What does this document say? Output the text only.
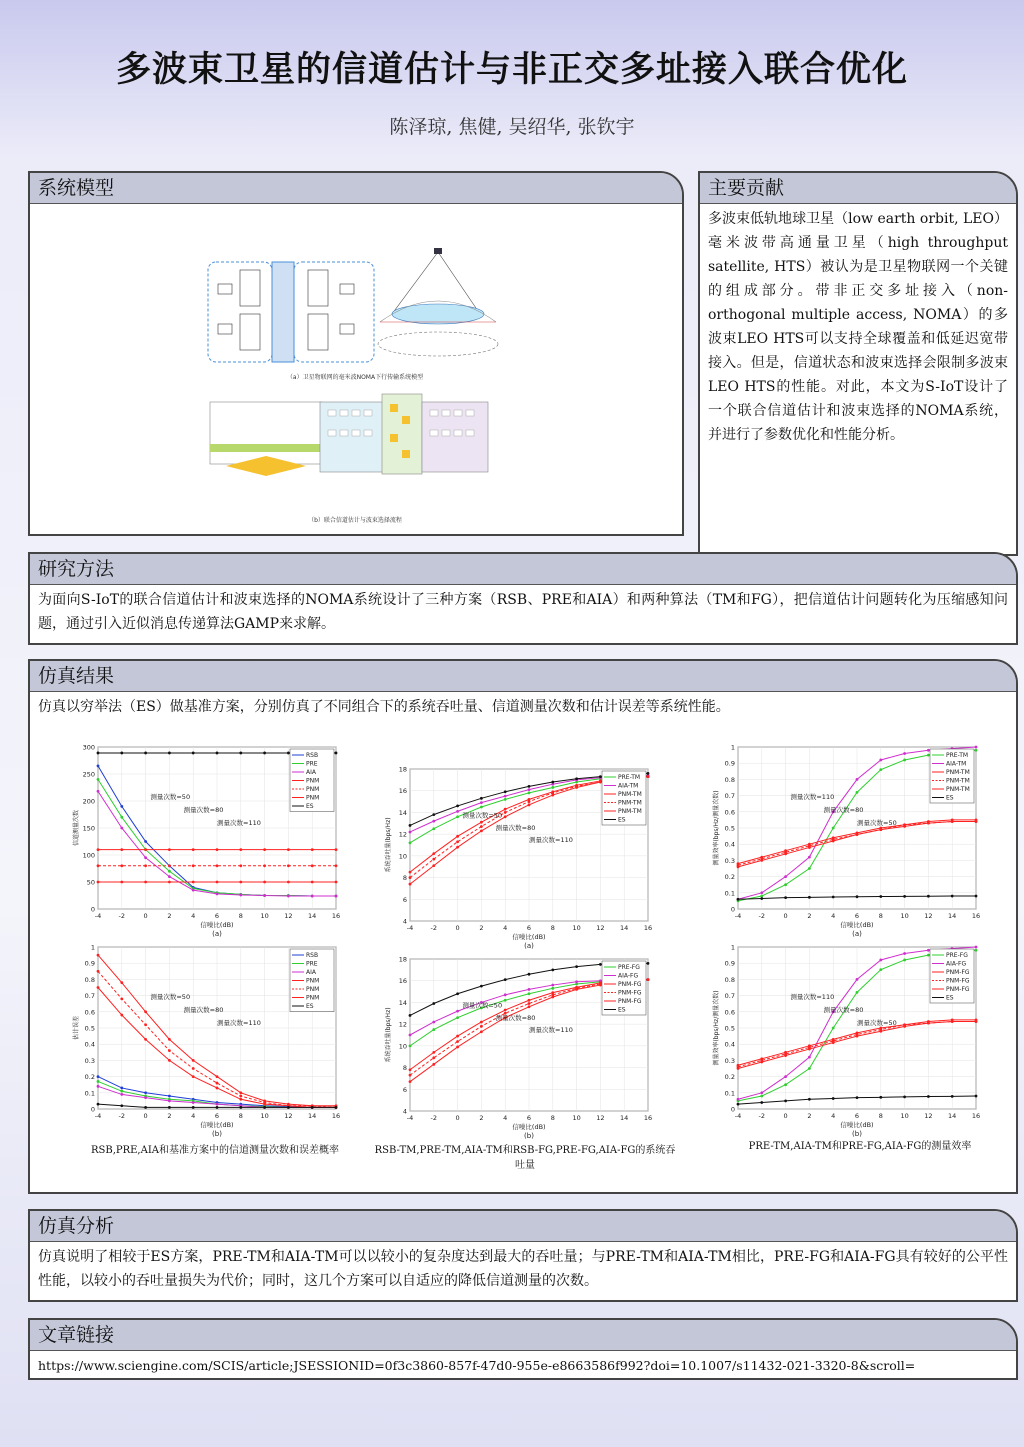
多波束卫星的信道估计与非正交多址接入联合优化
陈泽琼, 焦健, 吴绍华, 张钦宇
系统模型
（a）卫星物联网的毫米波NOMA下行传输系统模型
（b）联合信道估计与波束选择流程
主要贡献
多波束低轨地球卫星（low earth orbit, LEO）毫米波带高通量卫星（high throughput satellite, HTS）被认为是卫星物联网一个关键的组成部分。带非正交多址接入（non-orthogonal multiple access, NOMA）的多波束LEO HTS可以支持全球覆盖和低延迟宽带接入。但是，信道状态和波束选择会限制多波束LEO HTS的性能。对此，本文为S-IoT设计了一个联合信道估计和波束选择的NOMA系统，并进行了参数优化和性能分析。
研究方法
为面向S-IoT的联合信道估计和波束选择的NOMA系统设计了三种方案（RSB、PRE和AIA）和两种算法（TM和FG），把信道估计问题转化为压缩感知问题，通过引入近似消息传递算法GAMP来求解。
仿真结果
仿真以穷举法（ES）做基准方案，分别仿真了不同组合下的系统吞吐量、信道测量次数和估计误差等系统性能。
0
50
100
150
200
250
300
-4	-2	0	2	4	6	8	10 12 14 16
信噪比(dB)
(a)
信道测量次数
RSB
PRE
AIA
PNM
PNM
PNM
ES
测量次数=50
测量次数=80
测量次数=110
0
0.1
0.2
0.3
0.4
0.5
0.6
0.7
0.8
0.9
1
-4	-2	0	2	4	6	8	10 12 14 16
信噪比(dB)
(b)
估计误差
RSB
PRE
AIA
PNM
PNM
PNM
ES
测量次数=50
测量次数=80
测量次数=110
4
6
8
10
12
14
16
18
-4	-2	0	2	4	6	8	10 12 14 16
信噪比(dB)
(a)
系统吞吐量(bps/Hz)
PRE-TM
AIA-TM
PNM-TM
PNM-TM
PNM-TM
ES
测量次数=50
测量次数=80
测量次数=110
4
6
8
10
12
14
16
18
-4	-2	0	2	4	6	8	10 12 14 16
信噪比(dB)
(b)
系统吞吐量(bps/Hz)
PRE-FG
AIA-FG
PNM-FG
PNM-FG
PNM-FG
ES
测量次数=50
测量次数=80
测量次数=110
0
0.1
0.2
0.3
0.4
0.5
0.6
0.7
0.8
0.9
1
-4	-2	0	2	4	6	8	10 12 14 16
信噪比(dB)
(a)
测量效率(bps/Hz/测量次数)
PRE-TM
AIA-TM
PNM-TM
PNM-TM
PNM-TM
ES
测量次数=110
测量次数=80
测量次数=50
0
0.1
0.2
0.3
0.4
0.5
0.6
0.7
0.8
0.9
1
-4	-2	0	2	4	6	8	10 12 14 16
信噪比(dB)
(b)
测量效率(bps/Hz/测量次数)
PRE-FG
AIA-FG
PNM-FG
PNM-FG
PNM-FG
ES
测量次数=110
测量次数=80
测量次数=50
RSB,PRE,AIA和基准方案中的信道测量次数和误差概率	RSB-TM,PRE-TM,AIA-TM和RSB-FG,PRE-FG,AIA-FG的系统吞吐量
PRE-TM,AIA-TM和PRE-FG,AIA-FG的测量效率
仿真分析
仿真说明了相较于ES方案，PRE-TM和AIA-TM可以以较小的复杂度达到最大的吞吐量；与PRE-TM和AIA-TM相比，PRE-FG和AIA-FG具有较好的公平性性能，以较小的吞吐量损失为代价；同时，这几个方案可以自适应的降低信道测量的次数。
文章链接
https://www.sciengine.com/SCIS/article;JSESSIONID=0f3c3860-857f-47d0-955e-e8663586f992?doi=10.1007/s11432-021-3320-8&scroll=
